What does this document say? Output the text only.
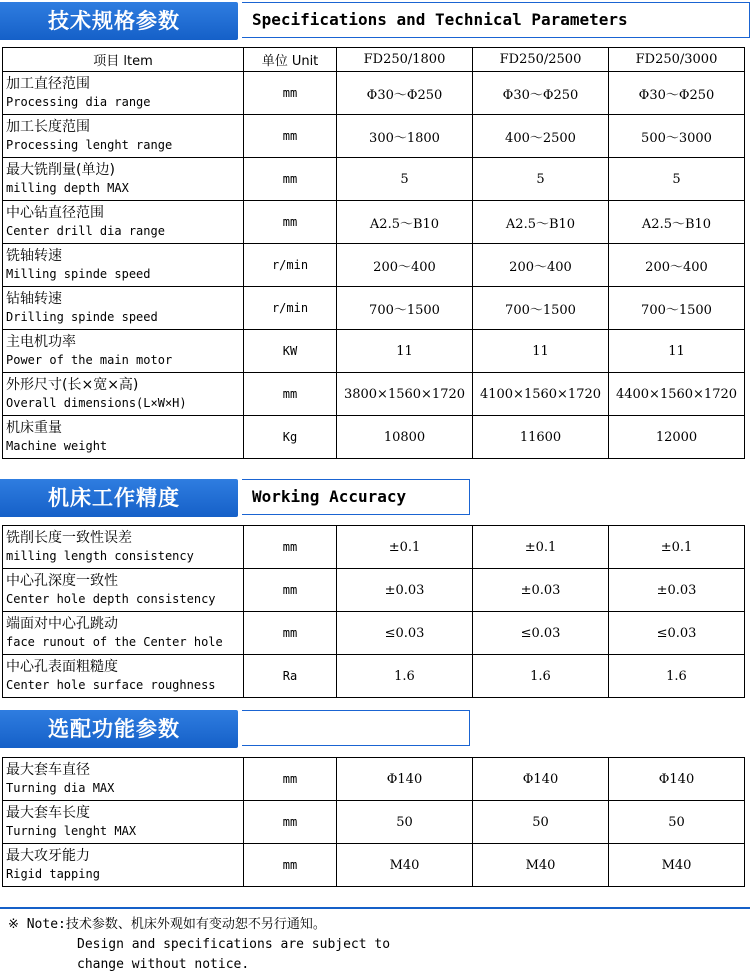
技术规格参数	Specifications and Technical Parameters
项目 ltem	单位 Unit	FD250/1800	FD250/2500	FD250/3000

加工直径范围
Processing dia range	mm	Φ30～Φ250	Φ30～Φ250	Φ30～Φ250

加工长度范围
Processing lenght range	mm	300～1800	400～2500	500～3000

最大铣削量(单边)
milling depth MAX	mm	5	5	5

中心钻直径范围
Center drill dia range	mm	A2.5～B10	A2.5～B10	A2.5～B10

铣轴转速
Milling spinde speed	r/min	200～400	200～400	200～400

钻轴转速
Drilling spinde speed	r/min	700～1500	700～1500	700～1500

主电机功率
Power of the main motor	KW	11	11	11

外形尺寸(长×宽×高)
Overall dimensions(L×W×H)	mm	3800×1560×1720	4100×1560×1720	4400×1560×1720

机床重量
Machine weight	Kg	10800	11600	12000
机床工作精度	Working Accuracy
铣削长度一致性误差
milling length consistency	mm	±0.1	±0.1	±0.1

中心孔深度一致性
Center hole depth consistency	mm	±0.03	±0.03	±0.03

端面对中心孔跳动
face runout of the Center hole	mm	≤0.03	≤0.03	≤0.03

中心孔表面粗糙度
Center hole surface roughness	Ra	1.6	1.6	1.6
选配功能参数
最大套车直径
Turning dia MAX	mm	Φ140	Φ140	Φ140

最大套车长度
Turning lenght MAX	mm	50	50	50

最大攻牙能力
Rigid tapping	mm	M40	M40	M40
※ Note:技术参数、机床外观如有变动恕不另行通知。
Design and specifications are subject to
change without notice.
